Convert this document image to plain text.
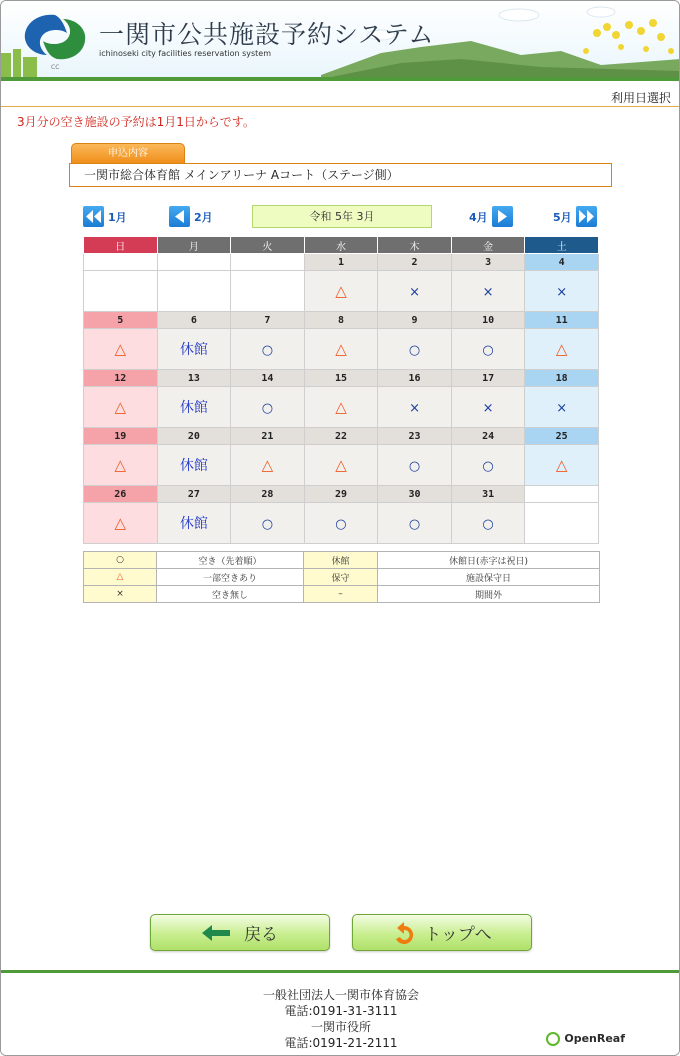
一関市公共施設予約システム
ichinoseki city facilities reservation system
CC
利用日選択
3月分の空き施設の予約は1月1日からです。
申込内容
一関市総合体育館 メインアリーナ Aコート（ステージ側）
1月	2月	令和 5年 3月	4月	5月
日	月	火	水	木	金	土
			1	2	3	4
			△	×	×	×
5	6	7	8	9	10	11
△	休館	○	△	○	○	△
12	13	14	15	16	17	18
△	休館	○	△	×	×	×
19	20	21	22	23	24	25
△	休館	△	△	○	○	△
26	27	28	29	30	31	
△	休館	○	○	○	○	
○	空き（先着順）	休館	休館日(赤字は祝日)
△	一部空きあり	保守	施設保守日
×	空き無し	–	期間外
戻る	トップへ
一般社団法人一関市体育協会
電話:0191-31-3111
一関市役所
電話:0191-21-2111	OpenReaf
